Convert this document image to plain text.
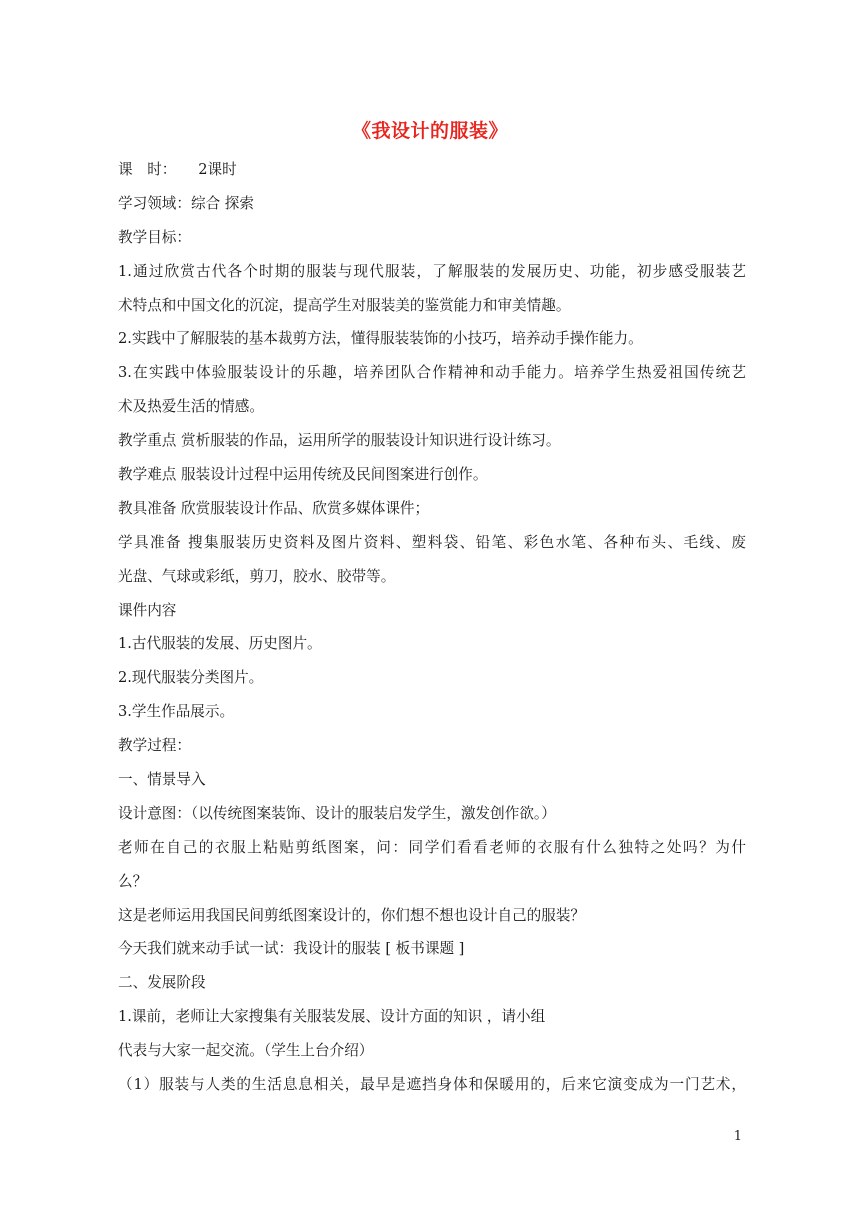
《我设计的服装》
课　时：　　2课时
学习领域：综合 探索
教学目标：
1.通过欣赏古代各个时期的服装与现代服装，了解服装的发展历史、功能，初步感受服装艺
术特点和中国文化的沉淀，提高学生对服装美的鉴赏能力和审美情趣。
2.实践中了解服装的基本裁剪方法，懂得服装装饰的小技巧，培养动手操作能力。
3.在实践中体验服装设计的乐趣，培养团队合作精神和动手能力。培养学生热爱祖国传统艺
术及热爱生活的情感。
教学重点 赏析服装的作品，运用所学的服装设计知识进行设计练习。
教学难点 服装设计过程中运用传统及民间图案进行创作。
教具准备 欣赏服装设计作品、欣赏多媒体课件；
学具准备 搜集服装历史资料及图片资料、塑料袋、铅笔、彩色水笔、各种布头、毛线、废
光盘、气球或彩纸，剪刀，胶水、胶带等。
课件内容
1.古代服装的发展、历史图片。
2.现代服装分类图片。
3.学生作品展示。
教学过程：
一、情景导入
设计意图：（以传统图案装饰、设计的服装启发学生，激发创作欲。）
老师在自己的衣服上粘贴剪纸图案，问：同学们看看老师的衣服有什么独特之处吗？为什
么？
这是老师运用我国民间剪纸图案设计的，你们想不想也设计自己的服装？
今天我们就来动手试一试：我设计的服装 [ 板书课题 ]
二、发展阶段
1.课前，老师让大家搜集有关服装发展、设计方面的知识 ，请小组
代表与大家一起交流。（学生上台介绍）
（1）服装与人类的生活息息相关，最早是遮挡身体和保暖用的，后来它演变成为一门艺术，
1
